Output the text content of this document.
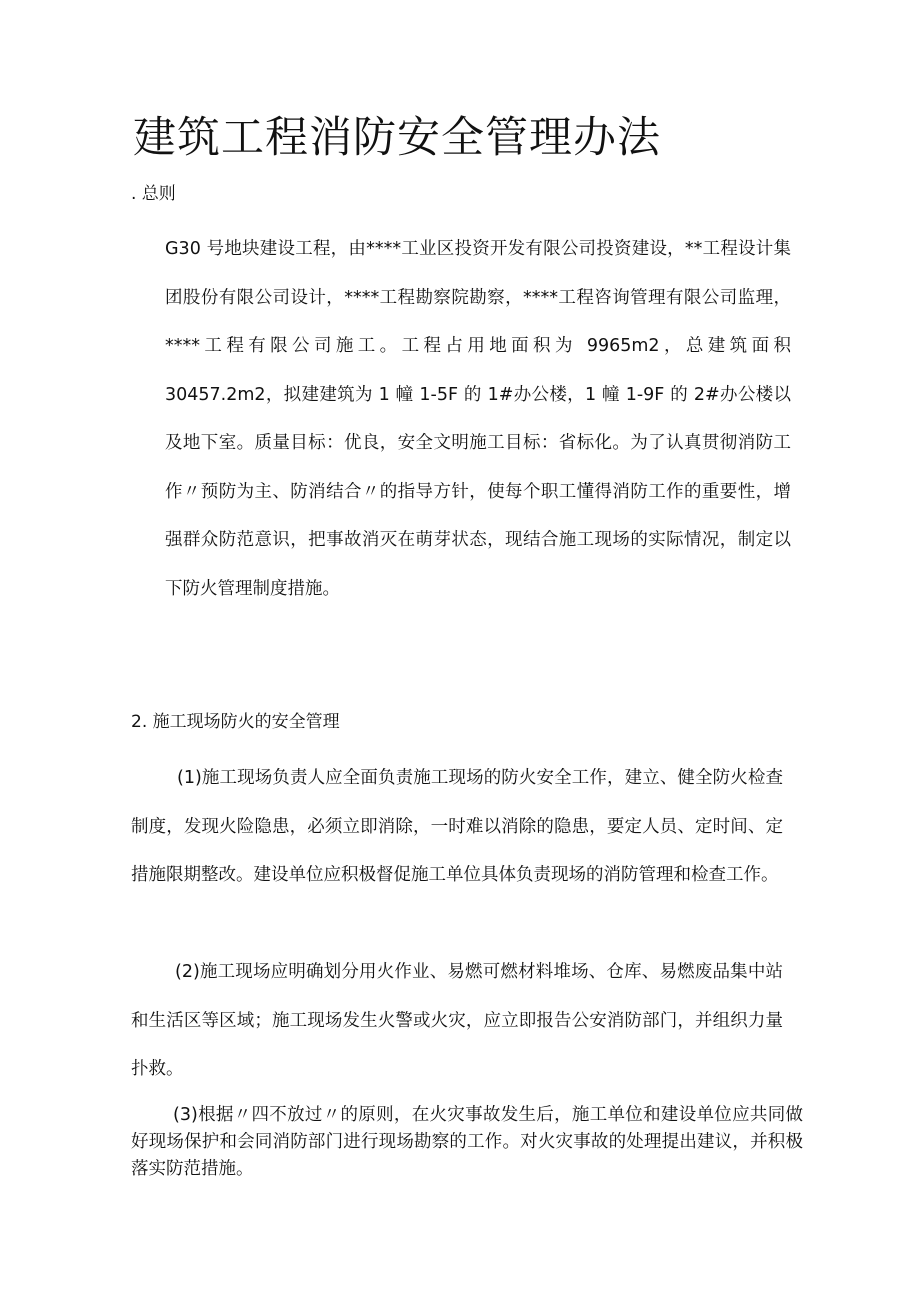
建筑工程消防安全管理办法
. 总则

G30 号地块建设工程，由****工业区投资开发有限公司投资建设，**工程设计集团股份有限公司设计，****工程勘察院勘察，****工程咨询管理有限公司监理，****工程有限公司施工。工程占用地面积为 9965m2，总建筑面积 30457.2m2，拟建建筑为 1 幢 1-5F 的 1#办公楼，1 幢 1-9F 的 2#办公楼以及地下室。质量目标：优良，安全文明施工目标：省标化。为了认真贯彻消防工作〃预防为主、防消结合〃的指导方针，使每个职工懂得消防工作的重要性，增强群众防范意识，把事故消灭在萌芽状态，现结合施工现场的实际情况，制定以下防火管理制度措施。

2. 施工现场防火的安全管理

(1)施工现场负责人应全面负责施工现场的防火安全工作，建立、健全防火检查制度，发现火险隐患，必须立即消除，一时难以消除的隐患，要定人员、定时间、定措施限期整改。建设单位应积极督促施工单位具体负责现场的消防管理和检查工作。

(2)施工现场应明确划分用火作业、易燃可燃材料堆场、仓库、易燃废品集中站和生活区等区域；施工现场发生火警或火灾，应立即报告公安消防部门，并组织力量扑救。

(3)根据〃四不放过〃的原则，在火灾事故发生后，施工单位和建设单位应共同做好现场保护和会同消防部门进行现场勘察的工作。对火灾事故的处理提出建议，并积极落实防范措施。
